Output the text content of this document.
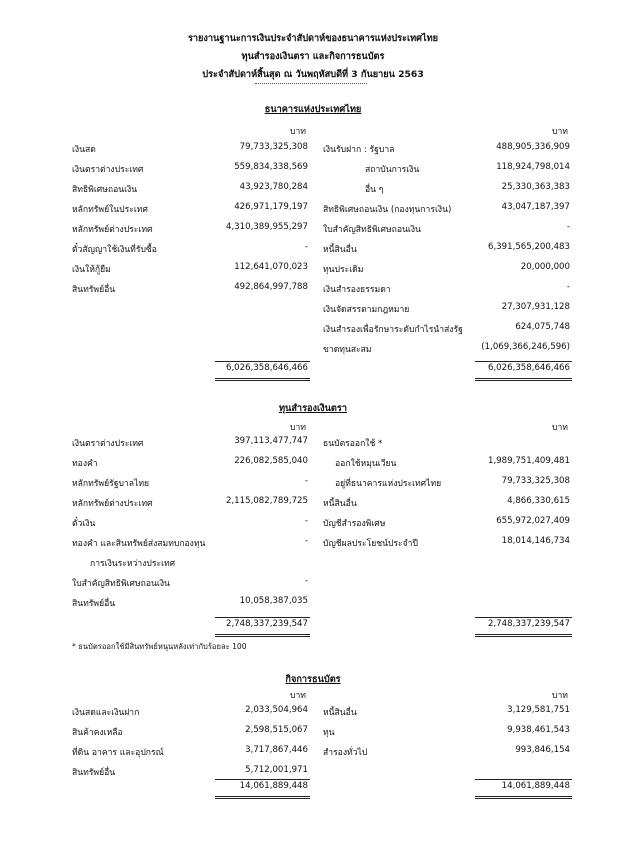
รายงานฐานะการเงินประจำสัปดาห์ของธนาคารแห่งประเทศไทย
ทุนสำรองเงินตรา และกิจการธนบัตร
ประจำสัปดาห์สิ้นสุด ณ วันพฤหัสบดีที่ 3 กันยายน 2563
ธนาคารแห่งประเทศไทย
บาท	บาท
เงินสด	79,733,325,308
เงินตราต่างประเทศ	559,834,338,569
สิทธิพิเศษถอนเงิน	43,923,780,284
หลักทรัพย์ในประเทศ	426,971,179,197
หลักทรัพย์ต่างประเทศ	4,310,389,955,297
ตั๋วสัญญาใช้เงินที่รับซื้อ	-
เงินให้กู้ยืม	112,641,070,023
สินทรัพย์อื่น	492,864,997,788
เงินรับฝาก : รัฐบาล	488,905,336,909
สถาบันการเงิน	118,924,798,014
อื่น ๆ	25,330,363,383
สิทธิพิเศษถอนเงิน (กองทุนการเงิน)	43,047,187,397
ใบสำคัญสิทธิพิเศษถอนเงิน	-
หนี้สินอื่น	6,391,565,200,483
ทุนประเดิม	20,000,000
เงินสำรองธรรมดา	-
เงินจัดสรรตามกฎหมาย	27,307,931,128
เงินสำรองเพื่อรักษาระดับกำไรนำส่งรัฐ	624,075,748
ขาดทุนสะสม	(1,069,366,246,596)
6,026,358,646,466	6,026,358,646,466
ทุนสำรองเงินตรา
บาท	บาท
เงินตราต่างประเทศ	397,113,477,747
ทองคำ	226,082,585,040
หลักทรัพย์รัฐบาลไทย	-
หลักทรัพย์ต่างประเทศ	2,115,082,789,725
ตั๋วเงิน	-
ทองคำ และสินทรัพย์ส่งสมทบกองทุน	-
การเงินระหว่างประเทศ
ใบสำคัญสิทธิพิเศษถอนเงิน	-
สินทรัพย์อื่น	10,058,387,035
ธนบัตรออกใช้ *
ออกใช้หมุนเวียน	1,989,751,409,481
อยู่ที่ธนาคารแห่งประเทศไทย	79,733,325,308
หนี้สินอื่น	4,866,330,615
บัญชีสำรองพิเศษ	655,972,027,409
บัญชีผลประโยชน์ประจำปี	18,014,146,734
2,748,337,239,547	2,748,337,239,547
* ธนบัตรออกใช้มีสินทรัพย์หนุนหลังเท่ากับร้อยละ 100
กิจการธนบัตร
บาท	บาท
เงินสดและเงินฝาก	2,033,504,964
สินค้าคงเหลือ	2,598,515,067
ที่ดิน อาคาร และอุปกรณ์	3,717,867,446
สินทรัพย์อื่น	5,712,001,971
หนี้สินอื่น	3,129,581,751
ทุน	9,938,461,543
สำรองทั่วไป	993,846,154
14,061,889,448	14,061,889,448
